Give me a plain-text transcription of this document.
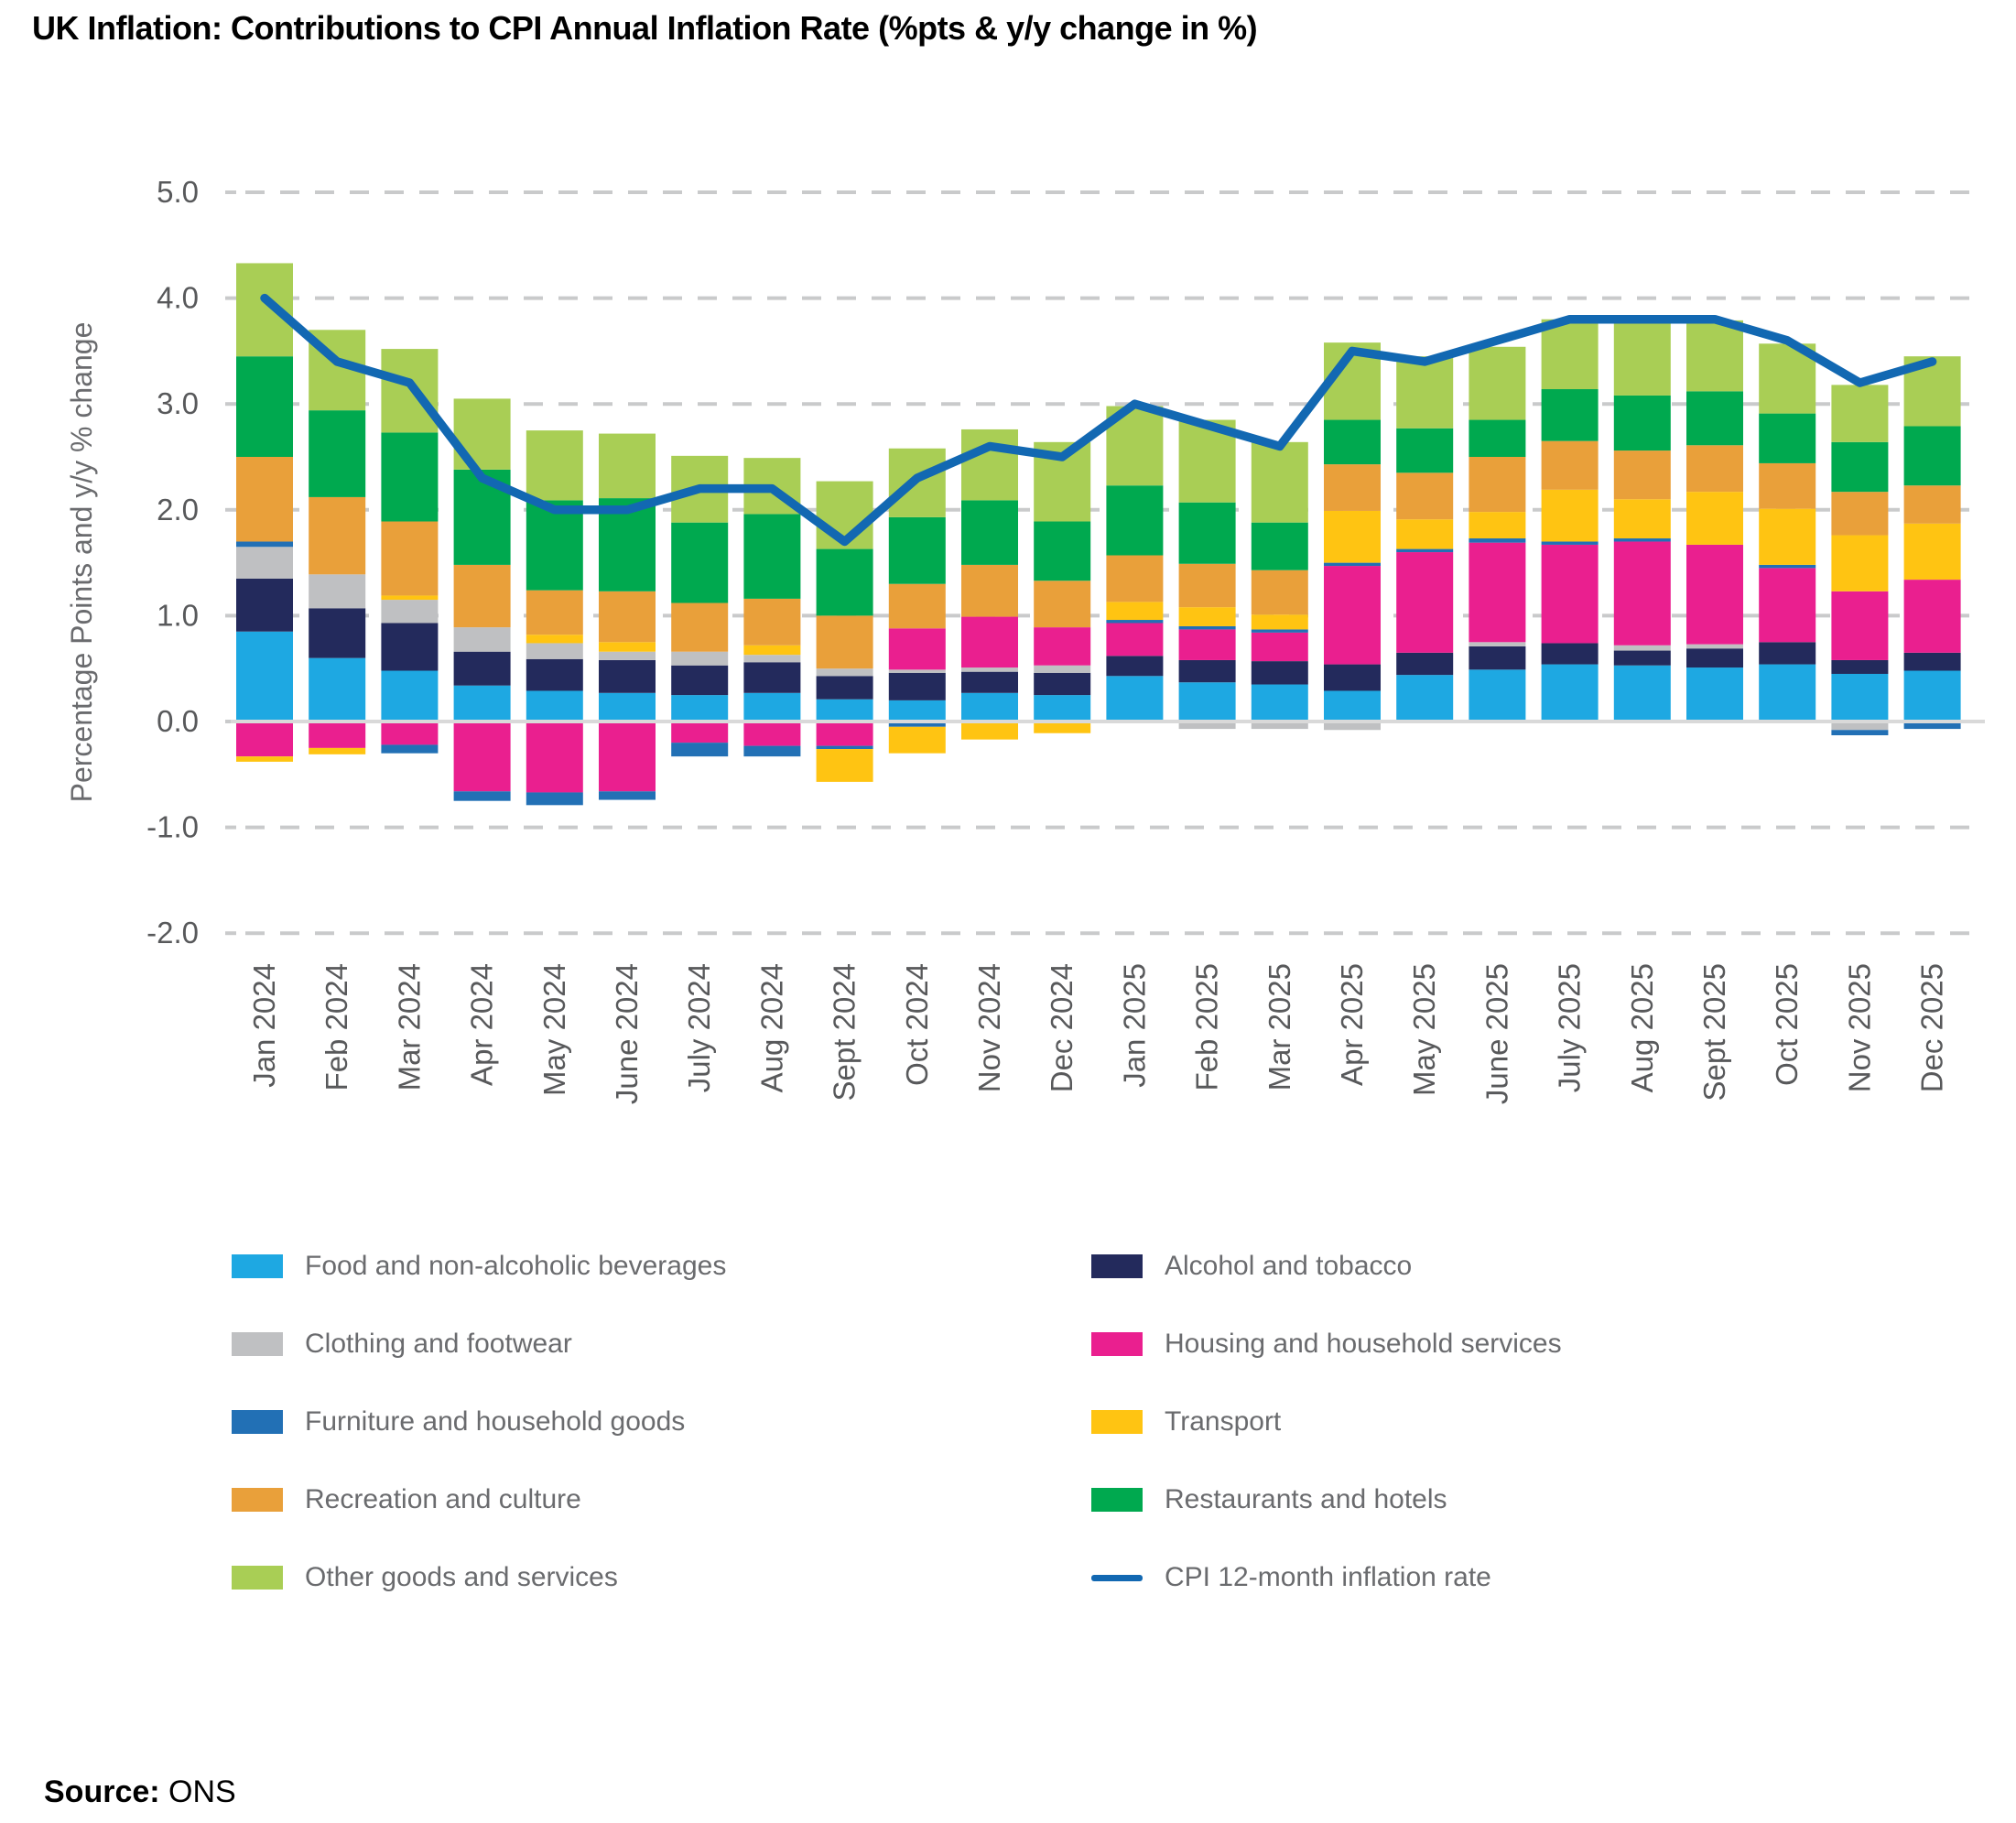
UK Inflation: Contributions to CPI Annual Inflation Rate (%pts & y/y change in %)
5.0
4.0
3.0
2.0
1.0
0.0
-1.0
-2.0
Percentage Points and y/y % change
Jan 2024 Feb 2024 Mar 2024 Apr 2024 May 2024 June 2024 July 2024 Aug 2024 Sept 2024 Oct 2024 Nov 2024 Dec 2024 Jan 2025 Feb 2025 Mar 2025 Apr 2025 May 2025 June 2025 July 2025 Aug 2025 Sept 2025 Oct 2025 Nov 2025 Dec 2025
Food and non-alcoholic beverages
Clothing and footwear
Furniture and household goods
Recreation and culture
Other goods and services
Alcohol and tobacco
Housing and household services
Transport
Restaurants and hotels
CPI 12-month inflation rate
Source: ONS
